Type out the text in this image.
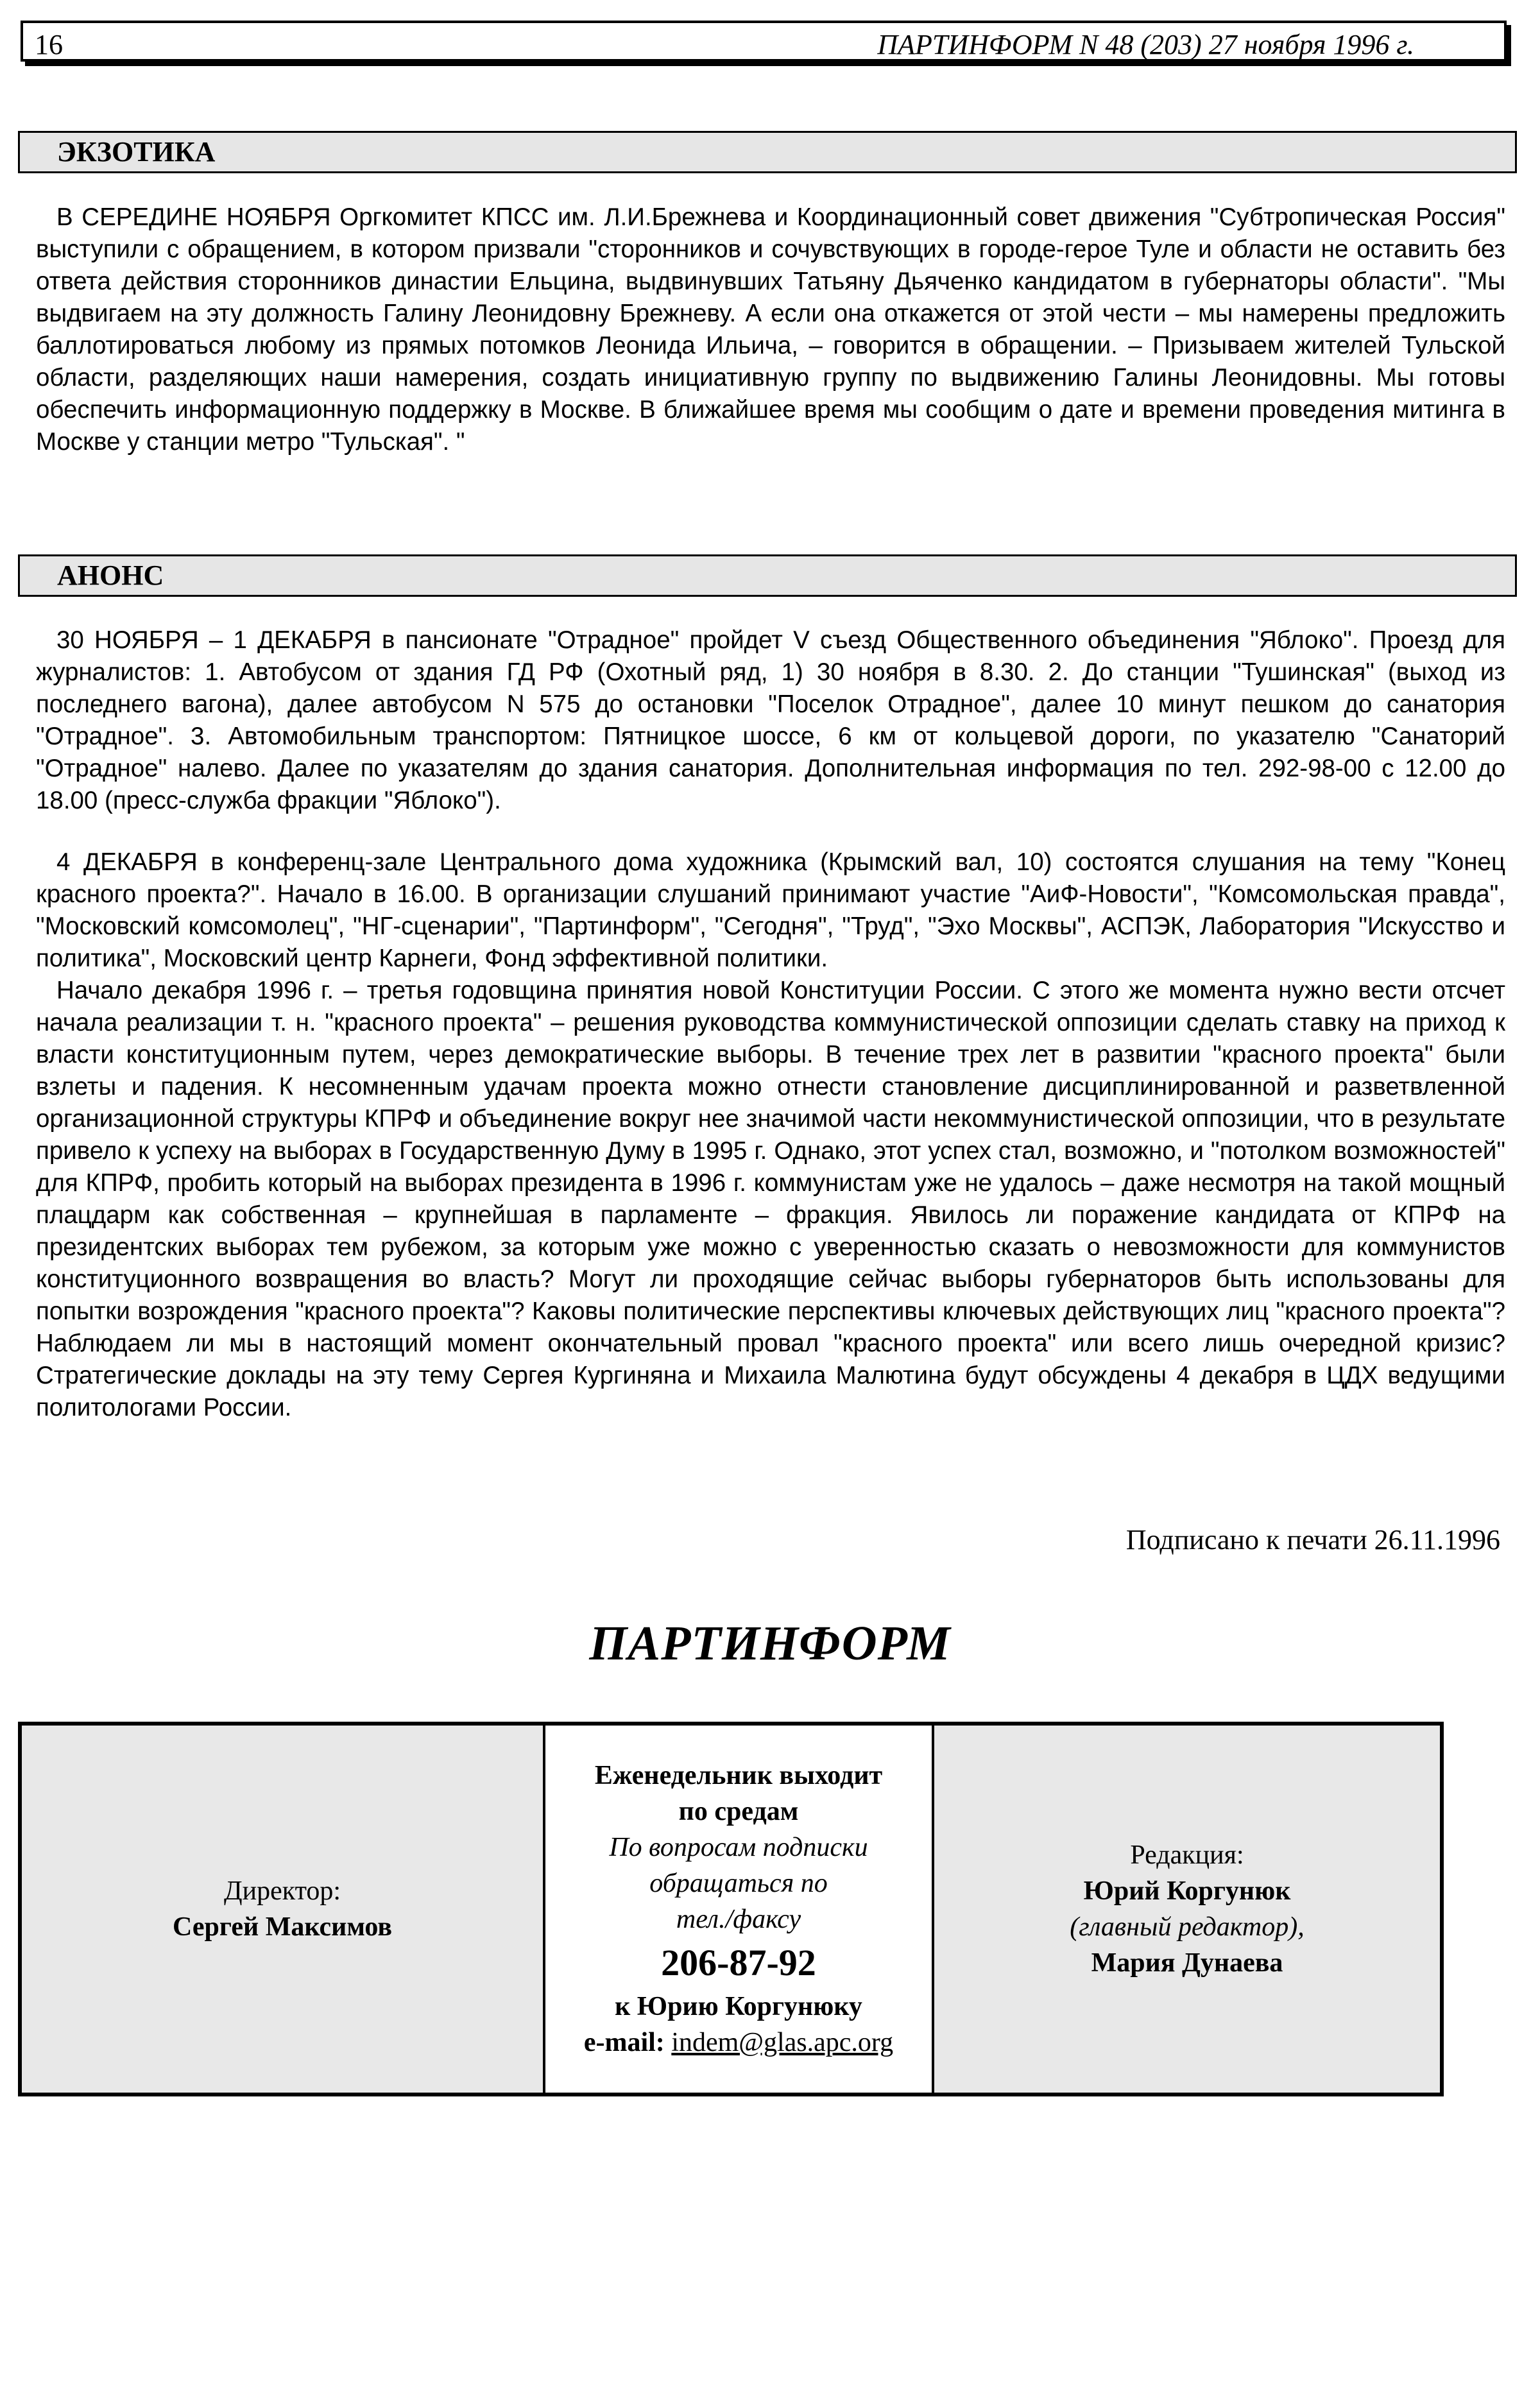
16	ПАРТИНФОРМ N 48 (203) 27 ноября 1996 г.
ЭКЗОТИКА

В СЕРЕДИНЕ НОЯБРЯ Оргкомитет КПСС им. Л.И.Брежнева и Координационный совет движения "Субтропическая Россия" выступили с обращением, в котором призвали "сторонников и сочувствующих в городе-герое Туле и области не оставить без ответа действия сторонников династии Ельцина, выдвинувших Татьяну Дьяченко кандидатом в губернаторы области". "Мы выдвигаем на эту должность Галину Леонидовну Брежневу. А если она откажется от этой чести – мы намерены предложить баллотироваться любому из прямых потомков Леонида Ильича, – говорится в обращении. – Призываем жителей Тульской области, разделяющих наши намерения, создать инициативную группу по выдвижению Галины Леонидовны. Мы готовы обеспечить информационную поддержку в Москве. В ближайшее время мы сообщим о дате и времени проведения митинга в Москве у станции метро "Тульская". "

АНОНС

30 НОЯБРЯ – 1 ДЕКАБРЯ в пансионате "Отрадное" пройдет V съезд Общественного объединения "Яблоко". Проезд для журналистов: 1. Автобусом от здания ГД РФ (Охотный ряд, 1) 30 ноября в 8.30. 2. До станции "Тушинская" (выход из последнего вагона), далее автобусом N 575 до остановки "Поселок Отрадное", далее 10 минут пешком до санатория "Отрадное". 3. Автомобильным транспортом: Пятницкое шоссе, 6 км от кольцевой дороги, по указателю "Санаторий "Отрадное" налево. Далее по указателям до здания санатория. Дополнительная информация по тел. 292-98-00 с 12.00 до 18.00 (пресс-служба фракции "Яблоко").

4 ДЕКАБРЯ в конференц-зале Центрального дома художника (Крымский вал, 10) состоятся слушания на тему "Конец красного проекта?". Начало в 16.00. В организации слушаний принимают участие "АиФ-Новости", "Комсомольская правда", "Московский комсомолец", "НГ-сценарии", "Партинформ", "Сегодня", "Труд", "Эхо Москвы", АСПЭК, Лаборатория "Искусство и политика", Московский центр Карнеги, Фонд эффективной политики.

Начало декабря 1996 г. – третья годовщина принятия новой Конституции России. С этого же момента нужно вести отсчет начала реализации т. н. "красного проекта" – решения руководства коммунистической оппозиции сделать ставку на приход к власти конституционным путем, через демократические выборы. В течение трех лет в развитии "красного проекта" были взлеты и падения. К несомненным удачам проекта можно отнести становление дисциплинированной и разветвленной организационной структуры КПРФ и объединение вокруг нее значимой части некоммунистической оппозиции, что в результате привело к успеху на выборах в Государственную Думу в 1995 г. Однако, этот успех стал, возможно, и "потолком возможностей" для КПРФ, пробить который на выборах президента в 1996 г. коммунистам уже не удалось – даже несмотря на такой мощный плацдарм как собственная – крупнейшая в парламенте – фракция. Явилось ли поражение кандидата от КПРФ на президентских выборах тем рубежом, за которым уже можно с уверенностью сказать о невозможности для коммунистов конституционного возвращения во власть? Могут ли проходящие сейчас выборы губернаторов быть использованы для попытки возрождения "красного проекта"? Каковы политические перспективы ключевых действующих лиц "красного проекта"? Наблюдаем ли мы в настоящий момент окончательный провал "красного проекта" или всего лишь очередной кризис? Стратегические доклады на эту тему Сергея Кургиняна и Михаила Малютина будут обсуждены 4 декабря в ЦДХ ведущими политологами России.

Подписано к печати 26.11.1996
ПАРТИНФОРМ
Директор:
Сергей Максимов
Еженедельник выходит
по средам
По вопросам подписки
обращаться по
тел./факсу
206-87-92
к Юрию Коргунюку
e-mail: indem@glas.apc.org
Редакция:
Юрий Коргунюк
(главный редактор),
Мария Дунаева
